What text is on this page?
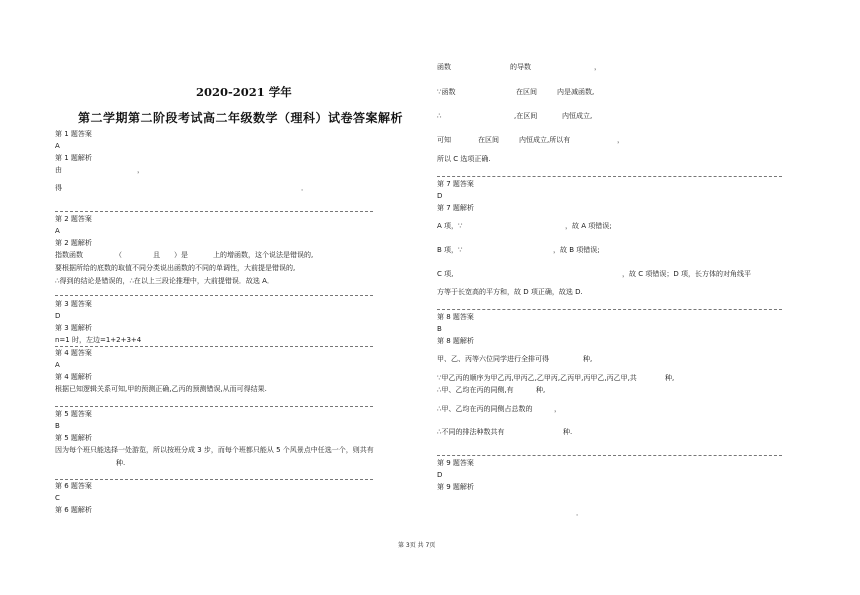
2020-2021 学年
第二学期第二阶段考试高二年级数学（理科）试卷答案解析
第 1 题答案
A
第 1 题解析
由	，
得	．
第 2 题答案
A
第 2 题解析
指数函数	（	且 ）是	上的增函数，这个说法是错误的,
要根据所给的底数的取值不同分类说出函数的不同的单调性，大前提是错误的,
∴得到的结论是错误的，∴在以上三段论推理中，大前提错误．故选 A．
第 3 题答案
D
第 3 题解析
n=1 时，左边=1+2+3+4
第 4 题答案
A
第 4 题解析
根据已知逻辑关系可知,甲的预测正确,乙丙的预测错误,从而可得结果.
第 5 题答案
B
第 5 题解析
因为每个班只能选择一处游览，所以按班分成 3 步，而每个班都只能从 5 个风景点中任选一个，则共有
种.
第 6 题答案
C
第 6 题解析
函数	的导数	，
∵函数	在区间	内是减函数,
∴	,在区间	内恒成立,
可知	在区间	内恒成立,所以有	，
所以 C 选项正确.
第 7 题答案
D
第 7 题解析
A 项，∵	，故 A 项错误;
B 项，∵	，故 B 项错误;
C 项,	，故 C 项错误；D 项，长方体的对角线平
方等于长宽高的平方和，故 D 项正确，故选 D.
第 8 题答案
B
第 8 题解析
甲、乙、丙等六位同学进行全排可得	种,
∵甲乙丙的顺序为甲乙丙,甲丙乙,乙甲丙,乙丙甲,丙甲乙,丙乙甲,共	种,
∴甲、乙均在丙的同侧,有	种,
∴甲、乙均在丙的同侧占总数的	，
∴不同的排法种数共有	种.
第 9 题答案
D
第 9 题解析
．
第 3页 共 7页
